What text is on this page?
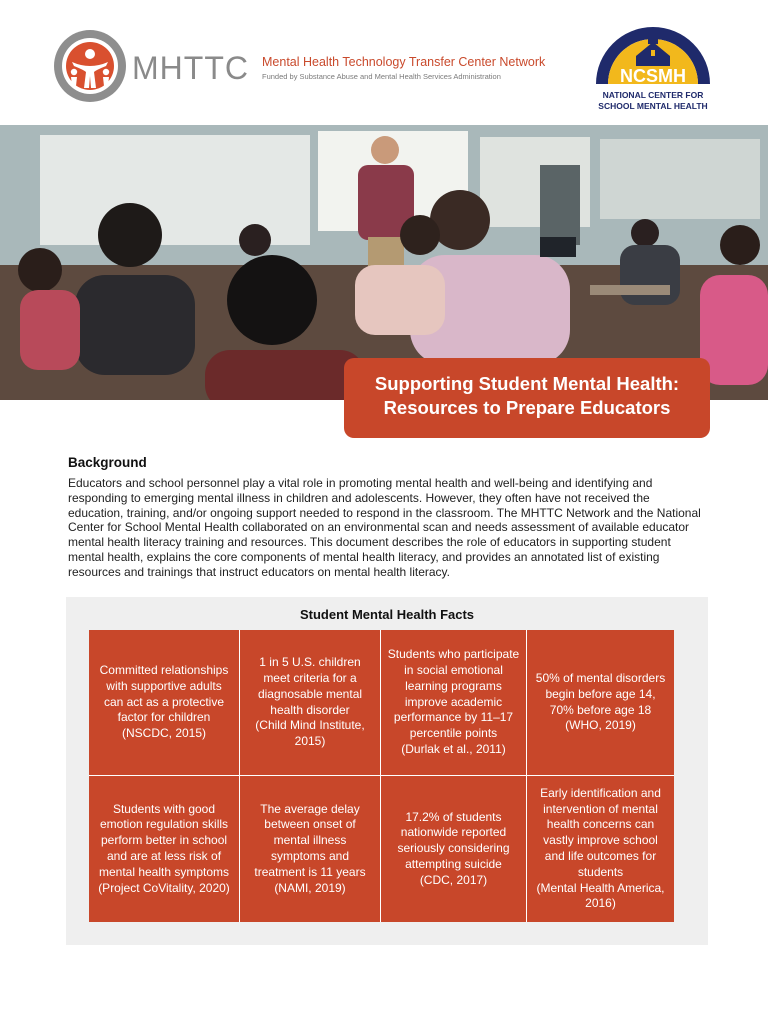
MHTTC Mental Health Technology Transfer Center Network
Funded by Substance Abuse and Mental Health Services Administration	NCSMH
NATIONAL CENTER FOR
SCHOOL MENTAL HEALTH
Supporting Student Mental Health:
Resources to Prepare Educators
Background
Educators and school personnel play a vital role in promoting mental health and well-being and identifying and responding to emerging mental illness in children and adolescents. However, they often have not received the education, training, and/or ongoing support needed to respond in the classroom. The MHTTC Network and the National Center for School Mental Health collaborated on an environmental scan and needs assessment of available educator mental health literacy training and resources. This document describes the role of educators in supporting student mental health, explains the core components of mental health literacy, and provides an annotated list of existing resources and trainings that instruct educators on mental health literacy.
Student Mental Health Facts
Committed relationships with supportive adults can act as a protective factor for children
(NSCDC, 2015)
1 in 5 U.S. children meet criteria for a diagnosable mental health disorder
(Child Mind Institute, 2015)
Students who participate in social emotional learning programs improve academic performance by 11–17 percentile points
(Durlak et al., 2011)
50% of mental disorders begin before age 14, 70% before age 18
(WHO, 2019)
Students with good emotion regulation skills perform better in school and are at less risk of mental health symptoms
(Project CoVitality, 2020)
The average delay between onset of mental illness symptoms and treatment is 11 years
(NAMI, 2019)
17.2% of students nationwide reported seriously considering attempting suicide
(CDC, 2017)
Early identification and intervention of mental health concerns can vastly improve school and life outcomes for students
(Mental Health America, 2016)
